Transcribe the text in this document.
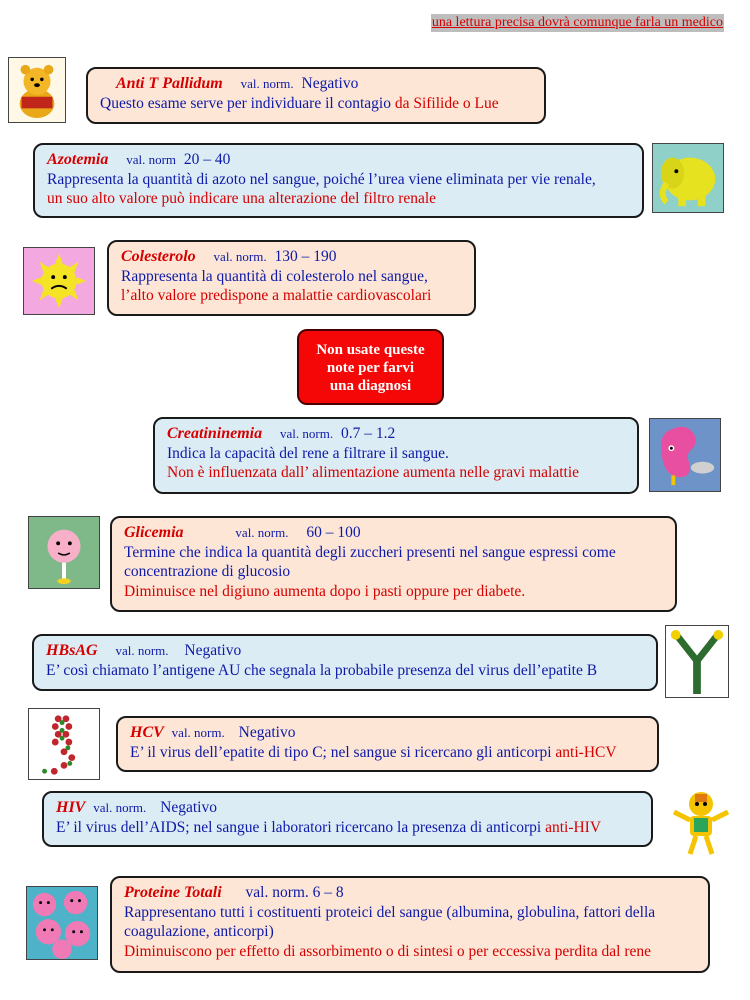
una lettura precisa dovrà comunque farla un medico
Anti T Pallidum val. norm. Negativo
Questo esame serve per individuare il contagio da Sifilide o Lue
Azotemia val. norm 20 – 40
Rappresenta la quantità di azoto nel sangue, poiché l’urea viene eliminata per vie renale,
un suo alto valore può indicare una alterazione del filtro renale
Colesterolo val. norm. 130 – 190
Rappresenta la quantità di colesterolo nel sangue,
l’alto valore predispone a malattie cardiovascolari
Non usate queste
note per farvi
una diagnosi
Creatininemia val. norm. 0.7 – 1.2
Indica la capacità del rene a filtrare il sangue.
Non è influenzata dall’ alimentazione aumenta nelle gravi malattie
Glicemia	val. norm. 60 – 100
Termine che indica la quantità degli zuccheri presenti nel sangue espressi come
concentrazione di glucosio
Diminuisce nel digiuno aumenta dopo i pasti oppure per diabete.
HBsAG val. norm. Negativo
E’ così chiamato l’antigene AU che segnala la probabile presenza del virus dell’epatite B
HCV val. norm. Negativo
E’ il virus dell’epatite di tipo C; nel sangue si ricercano gli anticorpi anti-HCV
HIV val. norm. Negativo
E’ il virus dell’AIDS; nel sangue i laboratori ricercano la presenza di anticorpi anti-HIV
Proteine Totali val. norm. 6 – 8
Rappresentano tutti i costituenti proteici del sangue (albumina, globulina, fattori della
coagulazione, anticorpi)
Diminuiscono per effetto di assorbimento o di sintesi o per eccessiva perdita dal rene
